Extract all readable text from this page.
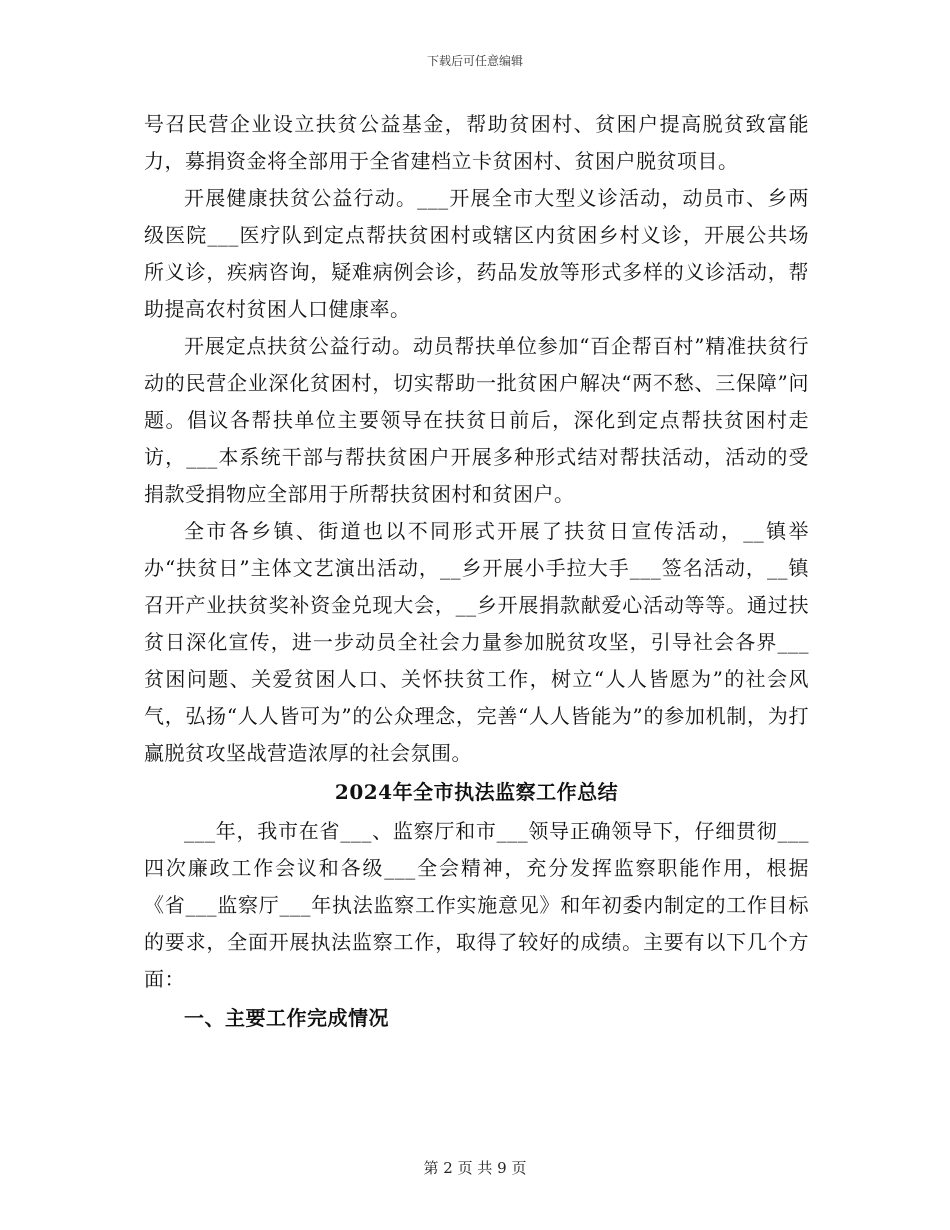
下载后可任意编辑

号召民营企业设立扶贫公益基金，帮助贫困村、贫困户提高脱贫致富能力，募捐资金将全部用于全省建档立卡贫困村、贫困户脱贫项目。

开展健康扶贫公益行动。___开展全市大型义诊活动，动员市、乡两级医院___医疗队到定点帮扶贫困村或辖区内贫困乡村义诊，开展公共场所义诊，疾病咨询，疑难病例会诊，药品发放等形式多样的义诊活动，帮助提高农村贫困人口健康率。

开展定点扶贫公益行动。动员帮扶单位参加“百企帮百村”精准扶贫行动的民营企业深化贫困村，切实帮助一批贫困户解决“两不愁、三保障”问题。倡议各帮扶单位主要领导在扶贫日前后，深化到定点帮扶贫困村走访，___本系统干部与帮扶贫困户开展多种形式结对帮扶活动，活动的受捐款受捐物应全部用于所帮扶贫困村和贫困户。

全市各乡镇、街道也以不同形式开展了扶贫日宣传活动，__镇举办“扶贫日”主体文艺演出活动，__乡开展小手拉大手___签名活动，__镇召开产业扶贫奖补资金兑现大会，__乡开展捐款献爱心活动等等。通过扶贫日深化宣传，进一步动员全社会力量参加脱贫攻坚，引导社会各界___贫困问题、关爱贫困人口、关怀扶贫工作，树立“人人皆愿为”的社会风气，弘扬“人人皆可为”的公众理念，完善“人人皆能为”的参加机制，为打赢脱贫攻坚战营造浓厚的社会氛围。

2024年全市执法监察工作总结

___年，我市在省___、监察厅和市___领导正确领导下，仔细贯彻___四次廉政工作会议和各级___全会精神，充分发挥监察职能作用，根据《省___监察厅___年执法监察工作实施意见》和年初委内制定的工作目标的要求，全面开展执法监察工作，取得了较好的成绩。主要有以下几个方面：

一、主要工作完成情况
第 2 页 共 9 页
